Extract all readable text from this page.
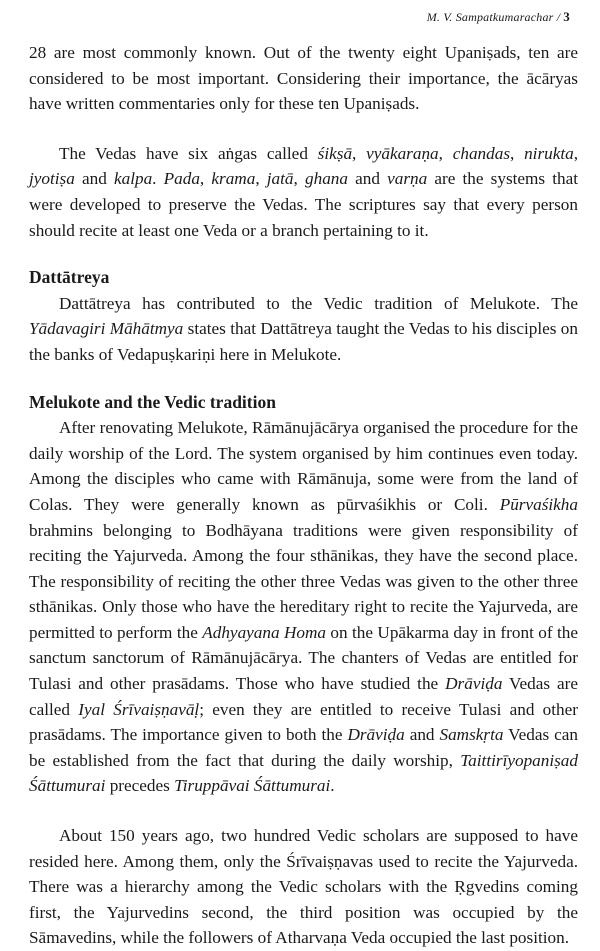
M. V. Sampatkumarachar / 3

28 are most commonly known. Out of the twenty eight Upaniṣads, ten are considered to be most important. Considering their importance, the ācāryas have written commentaries only for these ten Upaniṣads.

The Vedas have six aṅgas called śikṣā, vyākaraṇa, chandas, nirukta, jyotiṣa and kalpa. Pada, krama, jatā, ghana and varṇa are the systems that were developed to preserve the Vedas. The scriptures say that every person should recite at least one Veda or a branch pertaining to it.

Dattātreya

Dattātreya has contributed to the Vedic tradition of Melukote. The Yādavagiri Māhātmya states that Dattātreya taught the Vedas to his disciples on the banks of Vedapuṣkariṇi here in Melukote.

Melukote and the Vedic tradition

After renovating Melukote, Rāmānujācārya organised the procedure for the daily worship of the Lord. The system organised by him continues even today. Among the disciples who came with Rāmānuja, some were from the land of Colas. They were generally known as pūrvaśikhis or Coli. Pūrvaśikha brahmins belonging to Bodhāyana traditions were given responsibility of reciting the Yajurveda. Among the four sthānikas, they have the second place. The responsibility of reciting the other three Vedas was given to the other three sthānikas. Only those who have the hereditary right to recite the Yajurveda, are permitted to perform the Adhyayana Homa on the Upākarma day in front of the sanctum sanctorum of Rāmānujācārya. The chanters of Vedas are entitled for Tulasi and other prasādams. Those who have studied the Drāviḍa Vedas are called Iyal Śrīvaiṣṇavāḷ; even they are entitled to receive Tulasi and other prasādams. The importance given to both the Drāviḍa and Samskṛta Vedas can be established from the fact that during the daily worship, Taittirīyopaniṣad Śāttumurai precedes Tiruppāvai Śāttumurai.

About 150 years ago, two hundred Vedic scholars are supposed to have resided here. Among them, only the Śrīvaiṣṇavas used to recite the Yajurveda. There was a hierarchy among the Vedic scholars with the Ṛgvedins coming first, the Yajurvedins second, the third position was occupied by the Sāmavedins, while the followers of Atharvaṇa Veda occupied the last position.
